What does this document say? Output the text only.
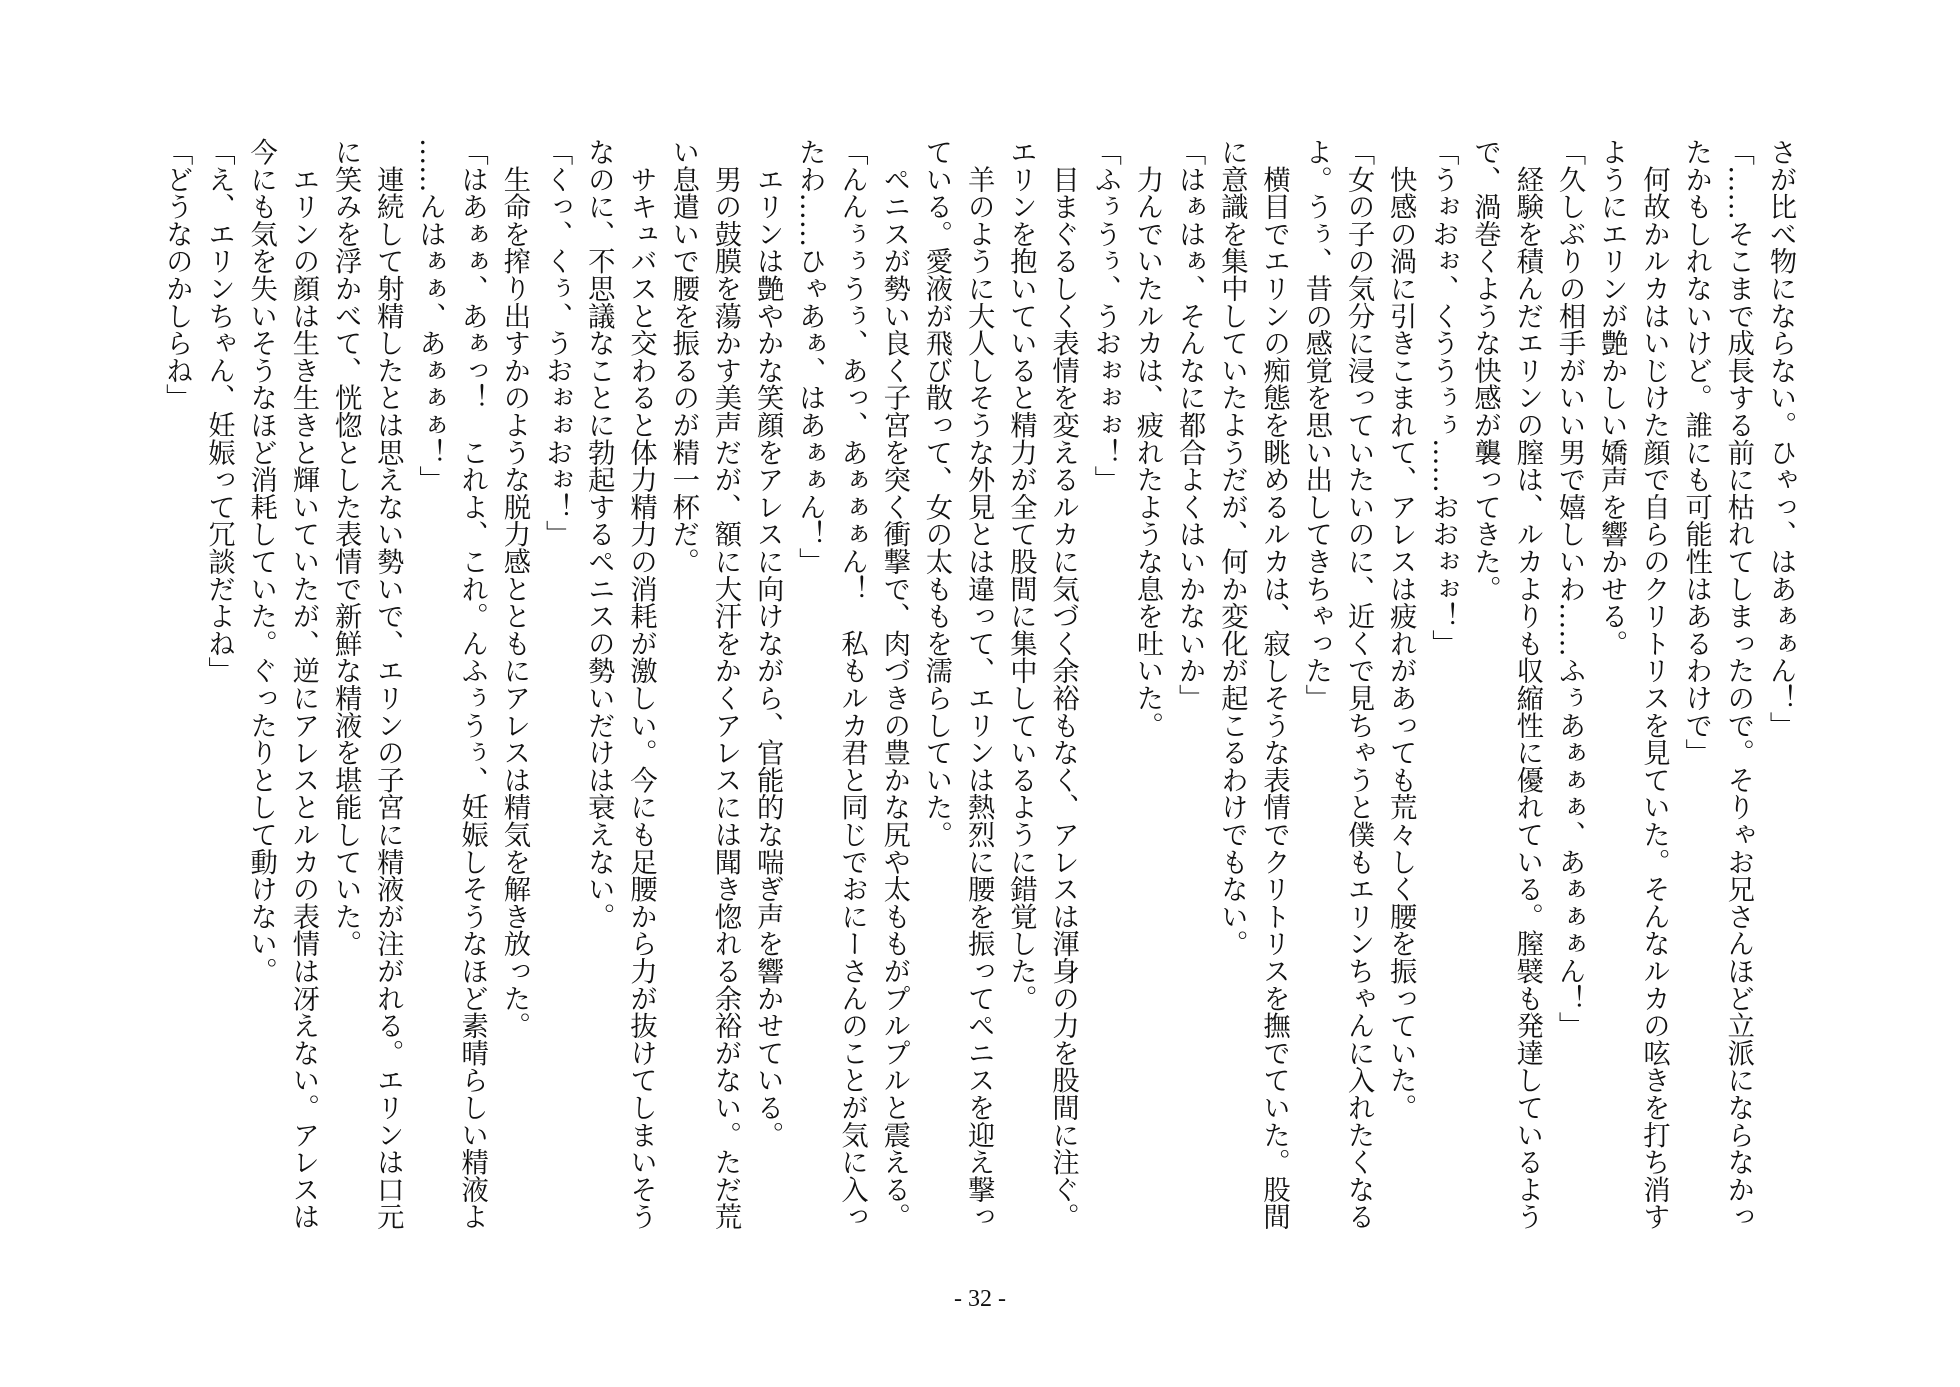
さが比べ物にならない。ひゃっ、はあぁぁん！」
「……そこまで成長する前に枯れてしまったので。そりゃお兄さんほど立派にならなかっ
たかもしれないけど。誰にも可能性はあるわけで」
　何故かルカはいじけた顔で自らのクリトリスを見ていた。そんなルカの呟きを打ち消す
ようにエリンが艶かしい嬌声を響かせる。
「久しぶりの相手がいい男で嬉しいわ……ふぅあぁぁぁ、あぁぁぁん！」
　経験を積んだエリンの膣は、ルカよりも収縮性に優れている。膣襞も発達しているよう
で、渦巻くような快感が襲ってきた。
「うぉおぉ、くううぅぅ……おおぉぉ！」
　快感の渦に引きこまれて、アレスは疲れがあっても荒々しく腰を振っていた。
「女の子の気分に浸っていたいのに、近くで見ちゃうと僕もエリンちゃんに入れたくなる
よ。うぅ、昔の感覚を思い出してきちゃった」
　横目でエリンの痴態を眺めるルカは、寂しそうな表情でクリトリスを撫でていた。股間
に意識を集中していたようだが、何か変化が起こるわけでもない。
「はぁはぁ、そんなに都合よくはいかないか」
　力んでいたルカは、疲れたような息を吐いた。
「ふぅうぅ、うおぉぉぉ！」
　目まぐるしく表情を変えるルカに気づく余裕もなく、アレスは渾身の力を股間に注ぐ。
エリンを抱いていると精力が全て股間に集中しているように錯覚した。
　羊のように大人しそうな外見とは違って、エリンは熱烈に腰を振ってペニスを迎え撃っ
ている。愛液が飛び散って、女の太ももを濡らしていた。
　ペニスが勢い良く子宮を突く衝撃で、肉づきの豊かな尻や太ももがプルプルと震える。
「んんぅぅうぅ、あっ、あぁぁぁん！　私もルカ君と同じでおにーさんのことが気に入っ
たわ……ひゃあぁ、はあぁぁん！」
　エリンは艶やかな笑顔をアレスに向けながら、官能的な喘ぎ声を響かせている。
　男の鼓膜を蕩かす美声だが、額に大汗をかくアレスには聞き惚れる余裕がない。ただ荒
い息遣いで腰を振るのが精一杯だ。
　サキュバスと交わると体力精力の消耗が激しい。今にも足腰から力が抜けてしまいそう
なのに、不思議なことに勃起するペニスの勢いだけは衰えない。
「くっ、くぅ、うおぉぉおぉ！」
　生命を搾り出すかのような脱力感とともにアレスは精気を解き放った。
「はあぁぁ、あぁっ！　これよ、これ。んふぅうぅ、妊娠しそうなほど素晴らしい精液よ
……んはぁぁ、あぁぁぁ！」
　連続して射精したとは思えない勢いで、エリンの子宮に精液が注がれる。エリンは口元
に笑みを浮かべて、恍惚とした表情で新鮮な精液を堪能していた。
　エリンの顔は生き生きと輝いていたが、逆にアレスとルカの表情は冴えない。アレスは
今にも気を失いそうなほど消耗していた。ぐったりとして動けない。
「え、エリンちゃん、妊娠って冗談だよね」
「どうなのかしらね」
- 32 -
